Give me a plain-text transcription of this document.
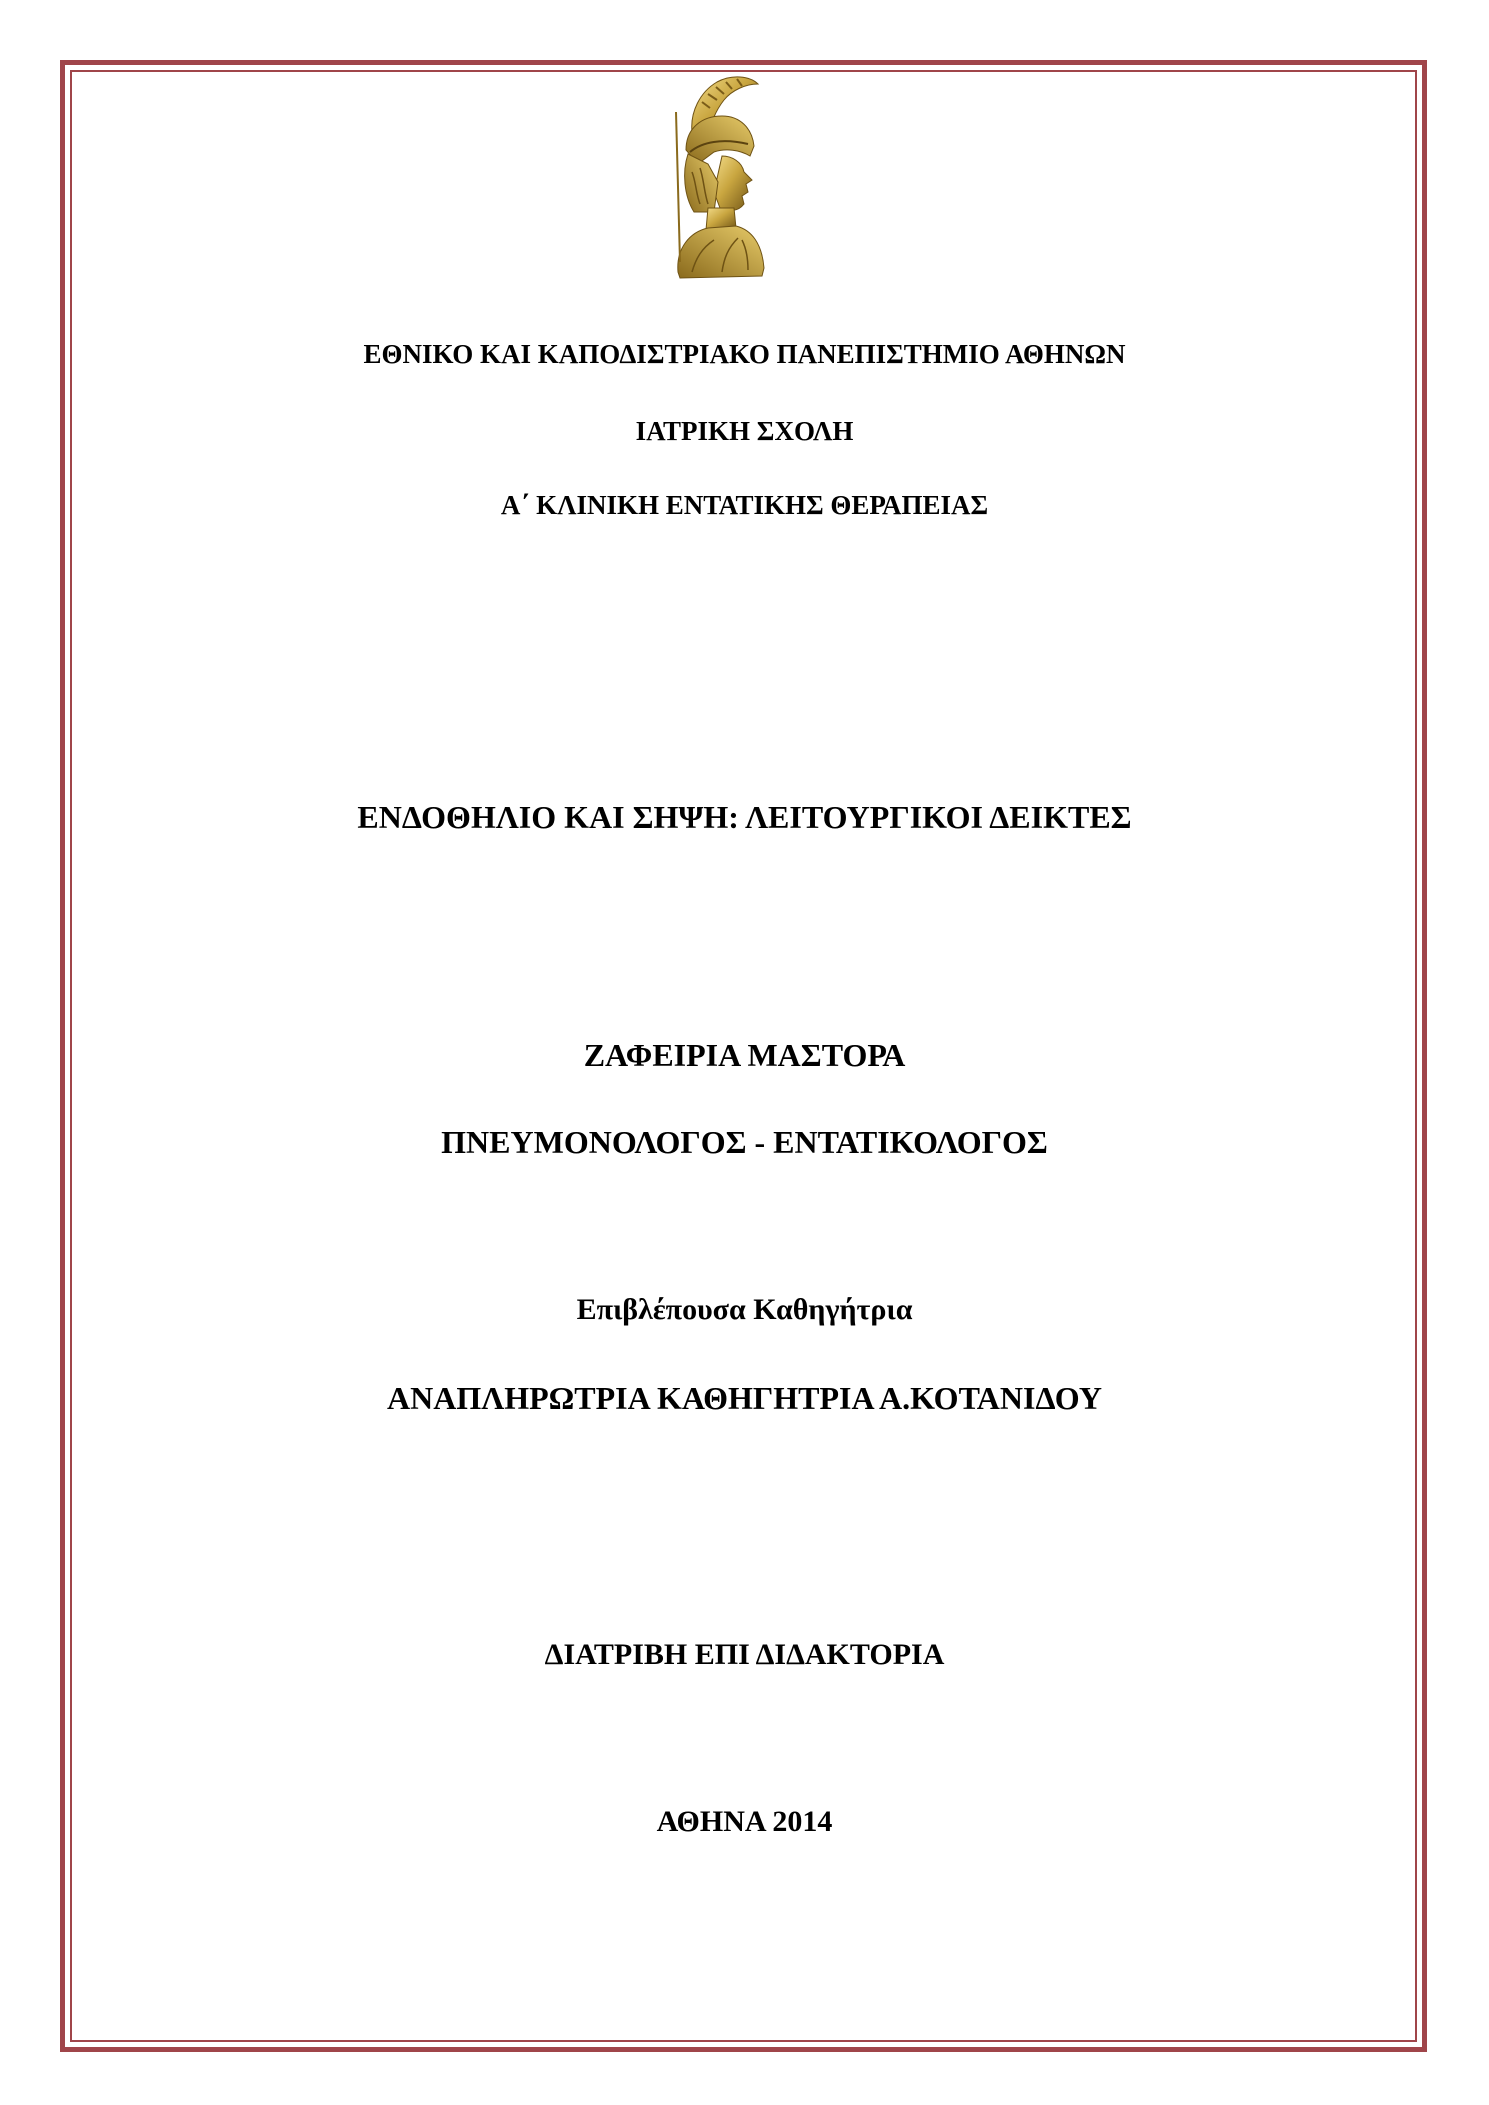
ΕΘΝΙΚΟ ΚΑΙ ΚΑΠΟΔΙΣΤΡΙΑΚΟ ΠΑΝΕΠΙΣΤΗΜΙΟ ΑΘΗΝΩΝ
ΙΑΤΡΙΚΗ ΣΧΟΛΗ
Α΄ ΚΛΙΝΙΚΗ ΕΝΤΑΤΙΚΗΣ ΘΕΡΑΠΕΙΑΣ
ΕΝΔΟΘΗΛΙΟ ΚΑΙ ΣΗΨΗ: ΛΕΙΤΟΥΡΓΙΚΟΙ ΔΕΙΚΤΕΣ
ΖΑΦΕΙΡΙΑ ΜΑΣΤΟΡΑ
ΠΝΕΥΜΟΝΟΛΟΓΟΣ - ΕΝΤΑΤΙΚΟΛΟΓΟΣ
Επιβλέπουσα Καθηγήτρια
ΑΝΑΠΛΗΡΩΤΡΙΑ ΚΑΘΗΓΗΤΡΙΑ Α.ΚΟΤΑΝΙΔΟΥ
ΔΙΑΤΡΙΒΗ ΕΠΙ ΔΙΔΑΚΤΟΡΙΑ
ΑΘΗΝΑ 2014
